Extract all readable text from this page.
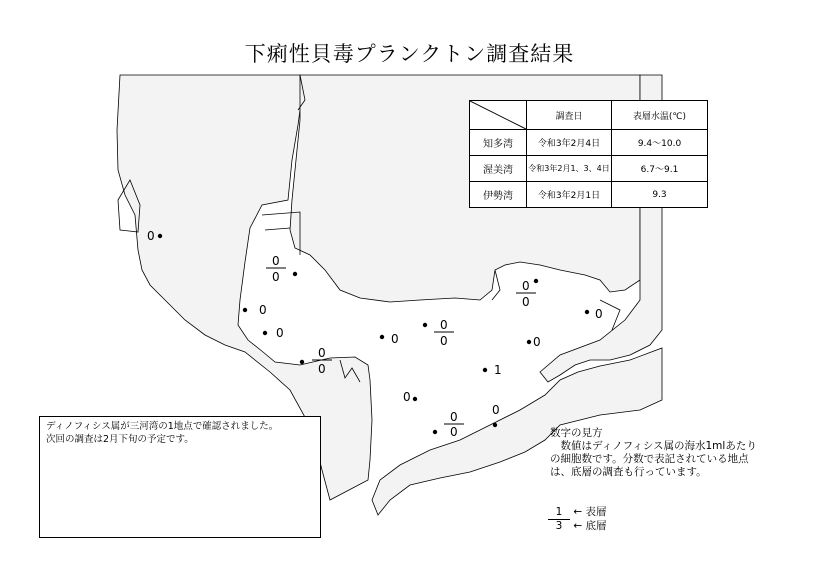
0
0
0
0
0
0
0
0
0
0
0
1
0
0
0
0
0
0
0
下痢性貝毒プランクトン調査結果
	調査日	表層水温(℃)
知多湾	令和3年2月4日	9.4～10.0
渥美湾	令和3年2月1、3、4日	6.7～9.1
伊勢湾	令和3年2月1日	9.3
ディノフィシス属が三河湾の1地点で確認されました。
次回の調査は2月下旬の予定です。

数字の見方

数値はディノフィシス属の海水1mlあたりの細胞数です。分数で表記されている地点は、底層の調査も行っています。

1 ← 表層
3 ← 底層
